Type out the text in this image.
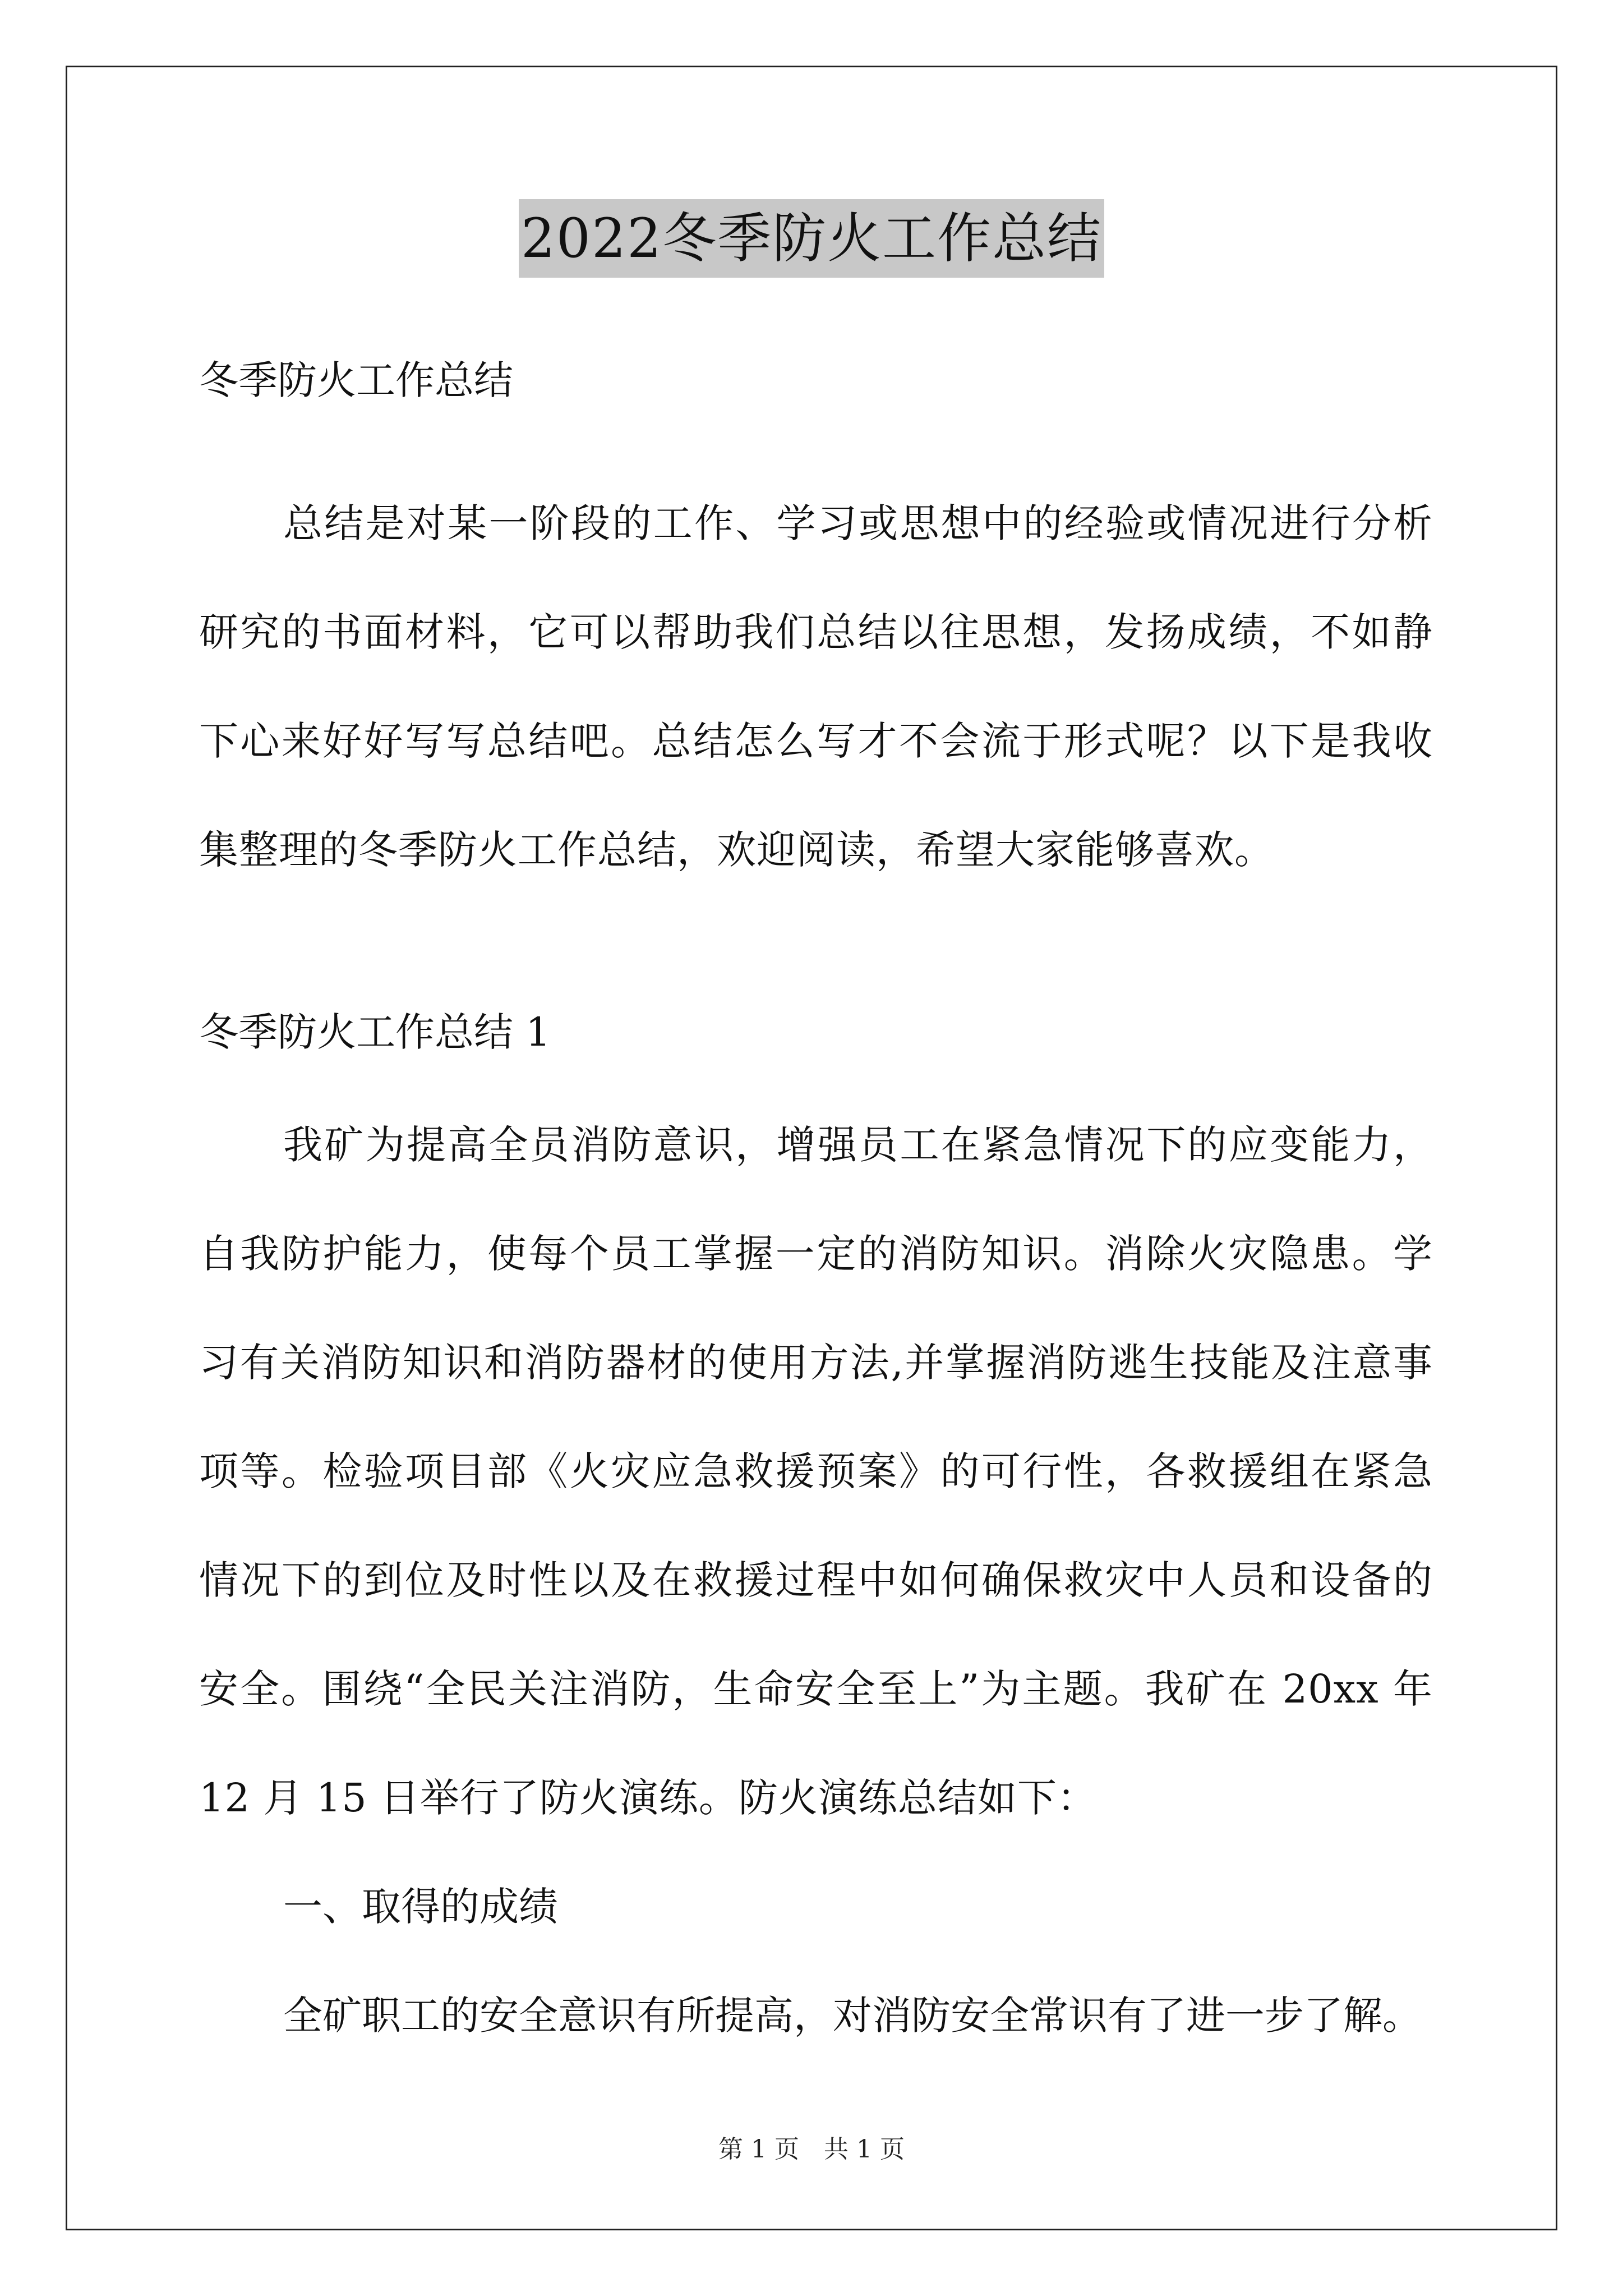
2022冬季防火工作总结

冬季防火工作总结

总结是对某一阶段的工作、学习或思想中的经验或情况进行分析研究的书面材料，它可以帮助我们总结以往思想，发扬成绩，不如静下心来好好写写总结吧。总结怎么写才不会流于形式呢？以下是我收集整理的冬季防火工作总结，欢迎阅读，希望大家能够喜欢。

冬季防火工作总结 1

我矿为提高全员消防意识，增强员工在紧急情况下的应变能力，自我防护能力，使每个员工掌握一定的消防知识。消除火灾隐患。学习有关消防知识和消防器材的使用方法,并掌握消防逃生技能及注意事项等。检验项目部《火灾应急救援预案》的可行性，各救援组在紧急情况下的到位及时性以及在救援过程中如何确保救灾中人员和设备的安全。围绕“全民关注消防，生命安全至上”为主题。我矿在 20xx 年 12 月 15 日举行了防火演练。防火演练总结如下：

一、取得的成绩

全矿职工的安全意识有所提高，对消防安全常识有了进一步了解。

第 1 页　共 1 页
